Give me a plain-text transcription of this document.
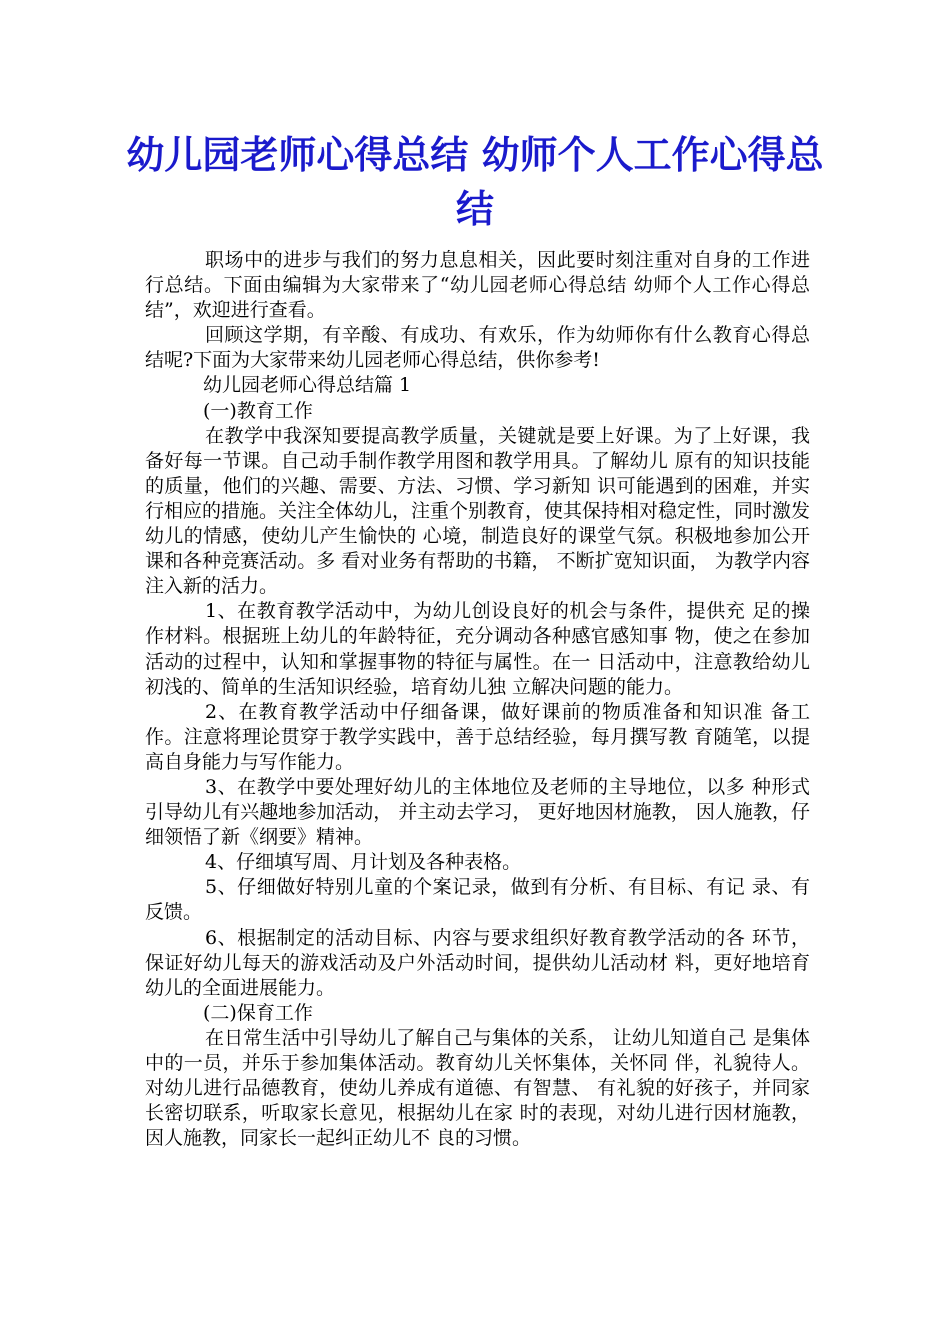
幼儿园老师心得总结 幼师个人工作心得总结

职场中的进步与我们的努力息息相关，因此要时刻注重对自身的工作进行总结。下面由编辑为大家带来了“幼儿园老师心得总结 幼师个人工作心得总结”，欢迎进行查看。

回顾这学期，有辛酸、有成功、有欢乐，作为幼师你有什么教育心得总结呢?下面为大家带来幼儿园老师心得总结，供你参考!

幼儿园老师心得总结篇 1

(一)教育工作

在教学中我深知要提高教学质量，关键就是要上好课。为了上好课，我备好每一节课。自己动手制作教学用图和教学用具。了解幼儿 原有的知识技能的质量，他们的兴趣、需要、方法、习惯、学习新知 识可能遇到的困难，并实行相应的措施。关注全体幼儿，注重个别教育，使其保持相对稳定性，同时激发幼儿的情感，使幼儿产生愉快的 心境，制造良好的课堂气氛。积极地参加公开课和各种竞赛活动。多 看对业务有帮助的书籍， 不断扩宽知识面， 为教学内容注入新的活力。

1、在教育教学活动中，为幼儿创设良好的机会与条件，提供充 足的操作材料。根据班上幼儿的年龄特征，充分调动各种感官感知事 物，使之在参加活动的过程中，认知和掌握事物的特征与属性。在一 日活动中，注意教给幼儿初浅的、简单的生活知识经验，培育幼儿独 立解决问题的能力。

2、在教育教学活动中仔细备课，做好课前的物质准备和知识准 备工作。注意将理论贯穿于教学实践中，善于总结经验，每月撰写教 育随笔，以提高自身能力与写作能力。

3、在教学中要处理好幼儿的主体地位及老师的主导地位，以多 种形式引导幼儿有兴趣地参加活动， 并主动去学习， 更好地因材施教， 因人施教，仔细领悟了新《纲要》精神。

4、仔细填写周、月计划及各种表格。

5、仔细做好特别儿童的个案记录，做到有分析、有目标、有记 录、有反馈。

6、根据制定的活动目标、内容与要求组织好教育教学活动的各 环节，保证好幼儿每天的游戏活动及户外活动时间，提供幼儿活动材 料，更好地培育幼儿的全面进展能力。

(二)保育工作

在日常生活中引导幼儿了解自己与集体的关系， 让幼儿知道自己 是集体中的一员，并乐于参加集体活动。教育幼儿关怀集体，关怀同 伴，礼貌待人。对幼儿进行品德教育，使幼儿养成有道德、有智慧、 有礼貌的好孩子，并同家长密切联系，听取家长意见，根据幼儿在家 时的表现，对幼儿进行因材施教，因人施教，同家长一起纠正幼儿不 良的习惯。
